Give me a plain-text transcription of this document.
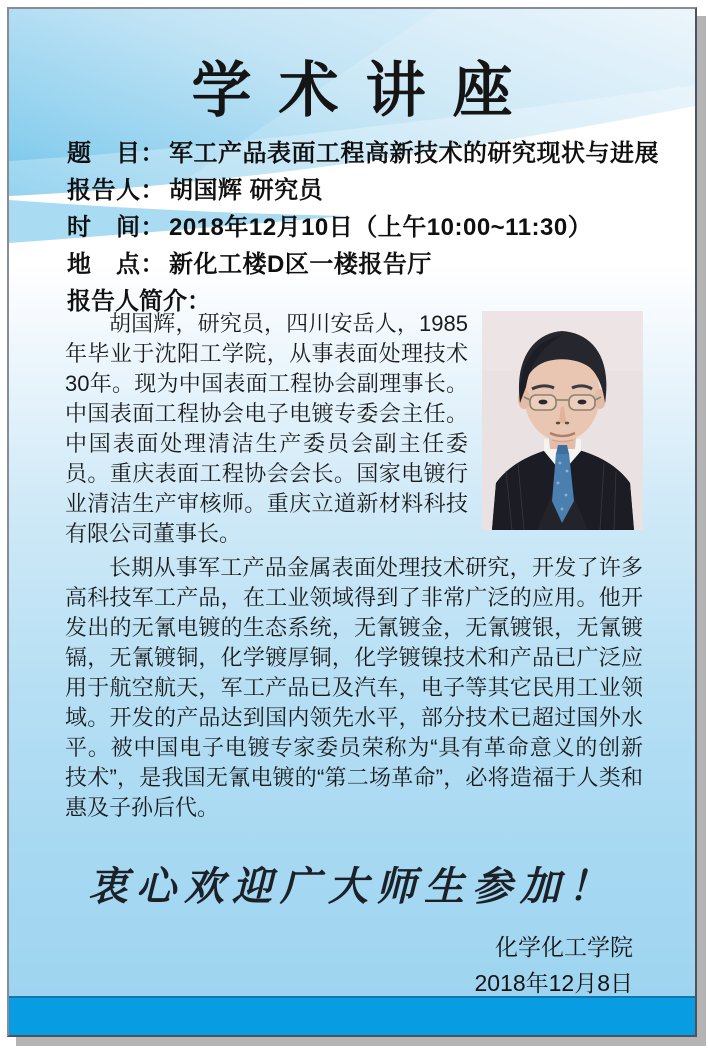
学术讲座
题　目： 军工产品表面工程高新技术的研究现状与进展
报告人： 胡国辉 研究员
时　间： 2018年12月10日（上午10:00~11:30）
地　点： 新化工楼D区一楼报告厅
报告人简介：

胡国辉，研究员，四川安岳人，1985年毕业于沈阳工学院，从事表面处理技术30年。现为中国表面工程协会副理事长。中国表面工程协会电子电镀专委会主任。中国表面处理清洁生产委员会副主任委员。重庆表面工程协会会长。国家电镀行业清洁生产审核师。重庆立道新材料科技有限公司董事长。

长期从事军工产品金属表面处理技术研究，开发了许多高科技军工产品，在工业领域得到了非常广泛的应用。他开发出的无氰电镀的生态系统，无氰镀金，无氰镀银，无氰镀镉，无氰镀铜，化学镀厚铜，化学镀镍技术和产品已广泛应用于航空航天，军工产品已及汽车，电子等其它民用工业领域。开发的产品达到国内领先水平，部分技术已超过国外水平。被中国电子电镀专家委员荣称为“具有革命意义的创新技术”，是我国无氰电镀的“第二场革命”，必将造福于人类和惠及子孙后代。

衷心欢迎广大师生参加！
化学化工学院
2018年12月8日
